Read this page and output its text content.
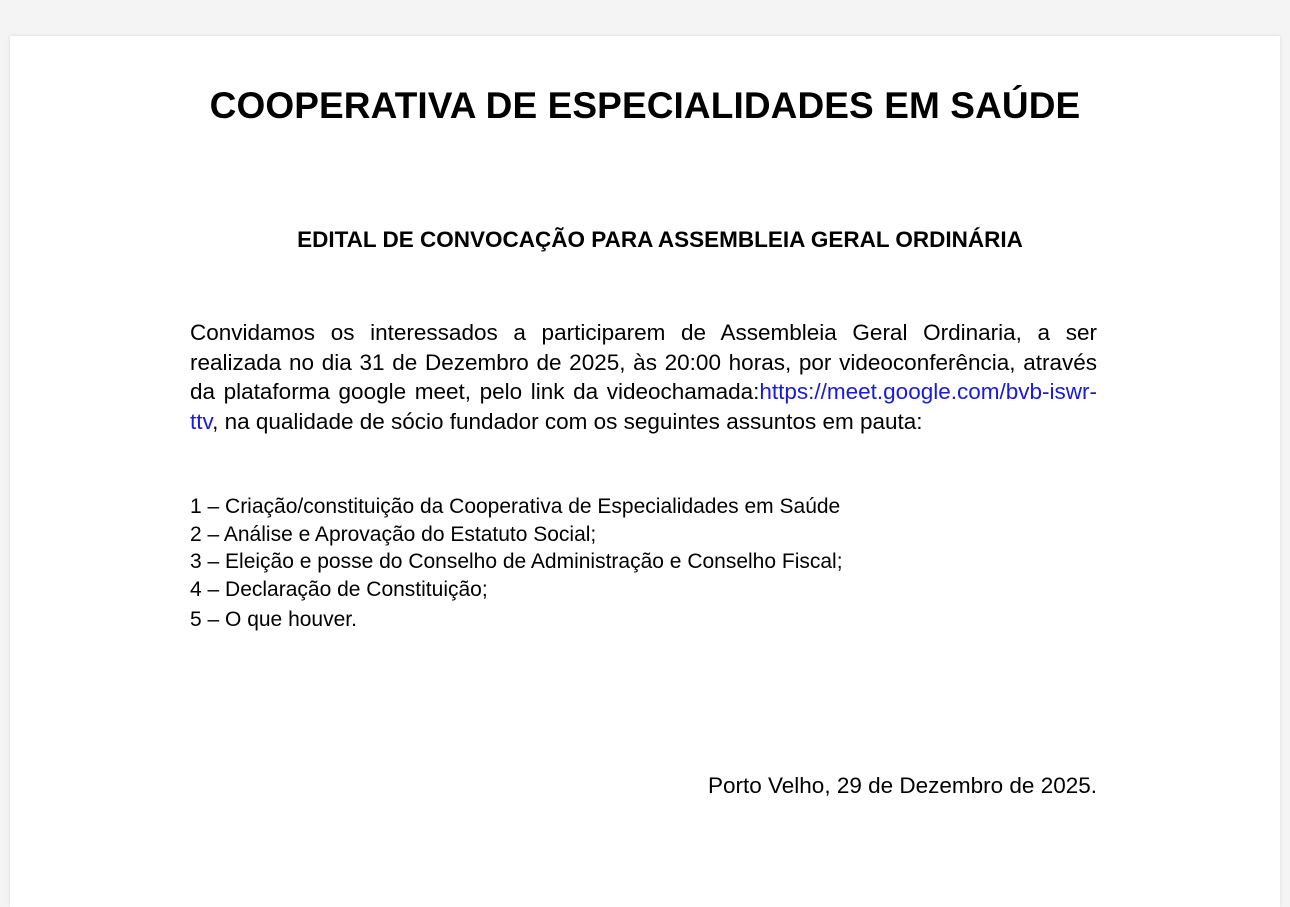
COOPERATIVA DE ESPECIALIDADES EM SAÚDE
EDITAL DE CONVOCAÇÃO PARA ASSEMBLEIA GERAL ORDINÁRIA

Convidamos os interessados a participarem de Assembleia Geral Ordinaria, a ser realizada no dia 31 de Dezembro de 2025, às 20:00 horas, por videoconferência, através da plataforma google meet, pelo link da videochamada:https://meet.google.com/bvb-iswr-ttv, na qualidade de sócio fundador com os seguintes assuntos em pauta:

1 – Criação/constituição da Cooperativa de Especialidades em Saúde
2 – Análise e Aprovação do Estatuto Social;
3 – Eleição e posse do Conselho de Administração e Conselho Fiscal;
4 – Declaração de Constituição;
5 – O que houver.

Porto Velho, 29 de Dezembro de 2025.
